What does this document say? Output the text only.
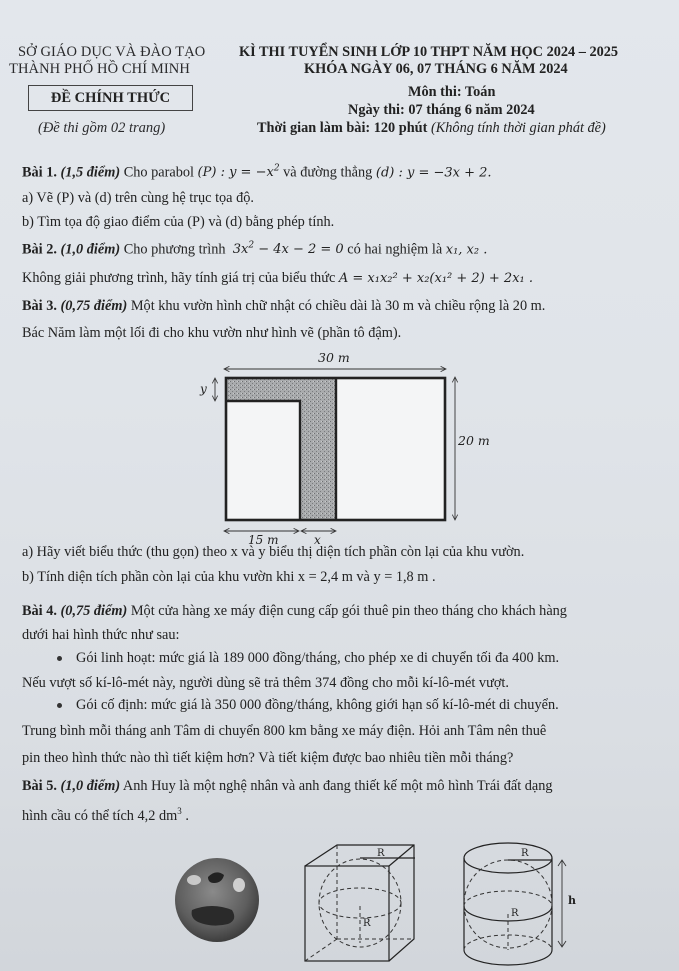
SỞ GIÁO DỤC VÀ ĐÀO TẠO
THÀNH PHỐ HỒ CHÍ MINH
ĐỀ CHÍNH THỨC
(Đề thi gồm 02 trang)
KÌ THI TUYỂN SINH LỚP 10 THPT NĂM HỌC 2024 – 2025
KHÓA NGÀY 06, 07 THÁNG 6 NĂM 2024
Môn thi: Toán
Ngày thi: 07 tháng 6 năm 2024
Thời gian làm bài: 120 phút (Không tính thời gian phát đề)
Bài 1. (1,5 điểm) Cho parabol (P) : $y = -x^2$ và đường thẳng (d) : y = −3x + 2.
a) Vẽ (P) và (d) trên cùng hệ trục tọa độ.
b) Tìm tọa độ giao điểm của (P) và (d) bằng phép tính.
Bài 2. (1,0 điểm) Cho phương trình $3x^2 - 4x - 2 = 0$ có hai nghiệm là x₁, x₂ .
Không giải phương trình, hãy tính giá trị của biểu thức A = x₁x₂² + x₂(x₁² + 2) + 2x₁ .
Bài 3. (0,75 điểm) Một khu vườn hình chữ nhật có chiều dài là 30 m và chiều rộng là 20 m.
Bác Năm làm một lối đi cho khu vườn như hình vẽ (phần tô đậm).
30 m
y
20 m
15 m	x
a) Hãy viết biểu thức (thu gọn) theo x và y biểu thị diện tích phần còn lại của khu vườn.
b) Tính diện tích phần còn lại của khu vườn khi x = 2,4 m và y = 1,8 m .
Bài 4. (0,75 điểm) Một cửa hàng xe máy điện cung cấp gói thuê pin theo tháng cho khách hàng
dưới hai hình thức như sau:
Gói linh hoạt: mức giá là 189 000 đồng/tháng, cho phép xe di chuyển tối đa 400 km.
Nếu vượt số kí-lô-mét này, người dùng sẽ trả thêm 374 đồng cho mỗi kí-lô-mét vượt.
Gói cố định: mức giá là 350 000 đồng/tháng, không giới hạn số kí-lô-mét di chuyển.
Trung bình mỗi tháng anh Tâm di chuyển 800 km bằng xe máy điện. Hỏi anh Tâm nên thuê
pin theo hình thức nào thì tiết kiệm hơn? Và tiết kiệm được bao nhiêu tiền mỗi tháng?
Bài 5. (1,0 điểm) Anh Huy là một nghệ nhân và anh đang thiết kế một mô hình Trái đất dạng
hình cầu có thể tích 4,2 $dm^3$ .
R
R
R
R
h
